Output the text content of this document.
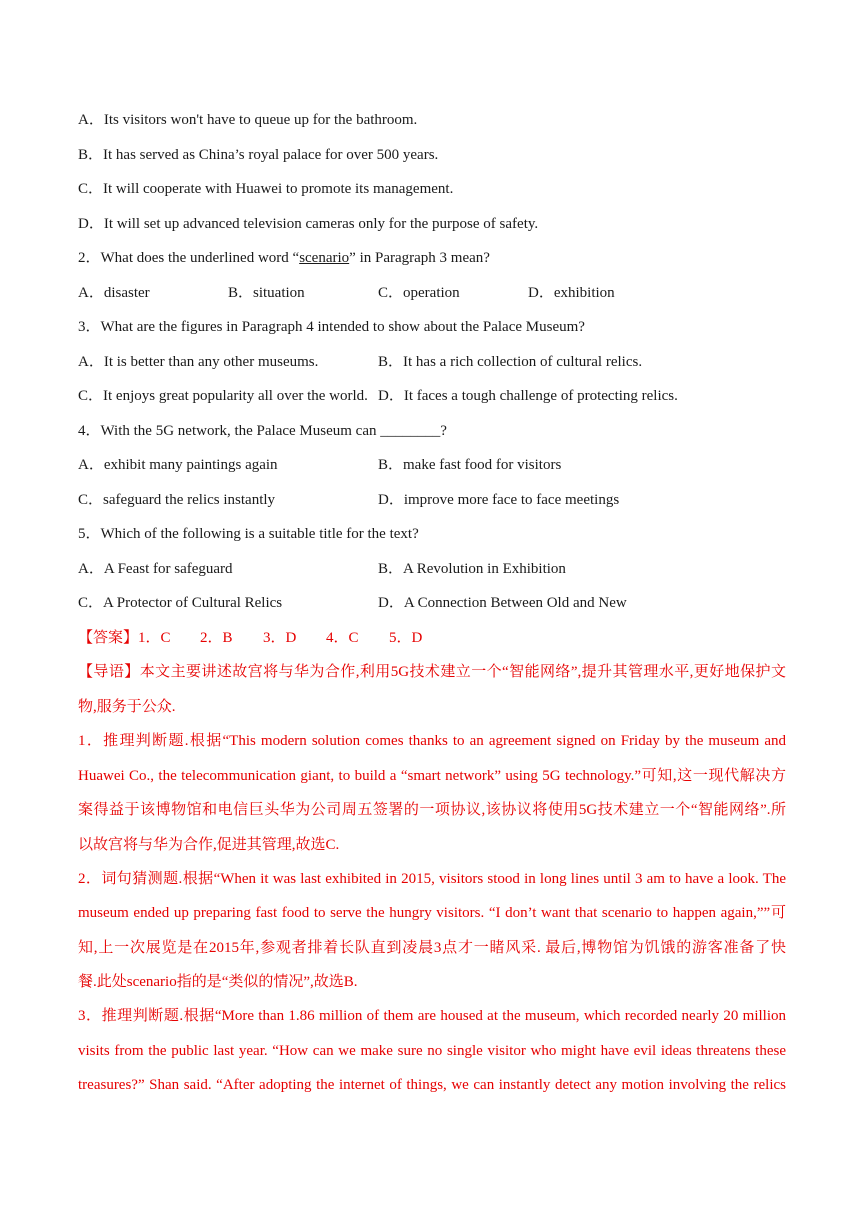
A．Its visitors won't have to queue up for the bathroom.
B．It has served as China’s royal palace for over 500 years.
C．It will cooperate with Huawei to promote its management.
D．It will set up advanced television cameras only for the purpose of safety.
2．What does the underlined word “scenario” in Paragraph 3 mean?
A．disaster	B．situation	C．operation	D．exhibition
3．What are the figures in Paragraph 4 intended to show about the Palace Museum?
A．It is better than any other museums.	B．It has a rich collection of cultural relics.
C．It enjoys great popularity all over the world. D．It faces a tough challenge of protecting relics.
4．With the 5G network, the Palace Museum can ________?
A．exhibit many paintings again	B．make fast food for visitors
C．safeguard the relics instantly	D．improve more face to face meetings
5．Which of the following is a suitable title for the text?
A．A Feast for safeguard	B．A Revolution in Exhibition
C．A Protector of Cultural Relics	D．A Connection Between Old and New
【答案】 1．C 2．B 3．D 4．C 5．D
【导语】本文主要讲述故宫将与华为合作,利用5G技术建立一个“智能网络”,提升其管理水平,更好地保护文
物,服务于公众.
1．推理判断题.根据“This modern solution comes thanks to an agreement signed on Friday by the museum and
Huawei Co., the telecommunication giant, to build a “smart network” using 5G technology.”可知,这一现代解决方
案得益于该博物馆和电信巨头华为公司周五签署的一项协议,该协议将使用5G技术建立一个“智能网络”.所
以故宫将与华为合作,促进其管理,故选C.
2．词句猜测题.根据“When it was last exhibited in 2015, visitors stood in long lines until 3 am to have a look. The
museum ended up preparing fast food to serve the hungry visitors. “I don’t want that scenario to happen again,””可
知,上一次展览是在2015年,参观者排着长队直到凌晨3点才一睹风采. 最后,博物馆为饥饿的游客准备了快
餐.此处scenario指的是“类似的情况”,故选B.
3．推理判断题.根据“More than 1.86 million of them are housed at the museum, which recorded nearly 20 million
visits from the public last year. “How can we make sure no single visitor who might have evil ideas threatens these
treasures?” Shan said. “After adopting the internet of things, we can instantly detect any motion involving the relics
